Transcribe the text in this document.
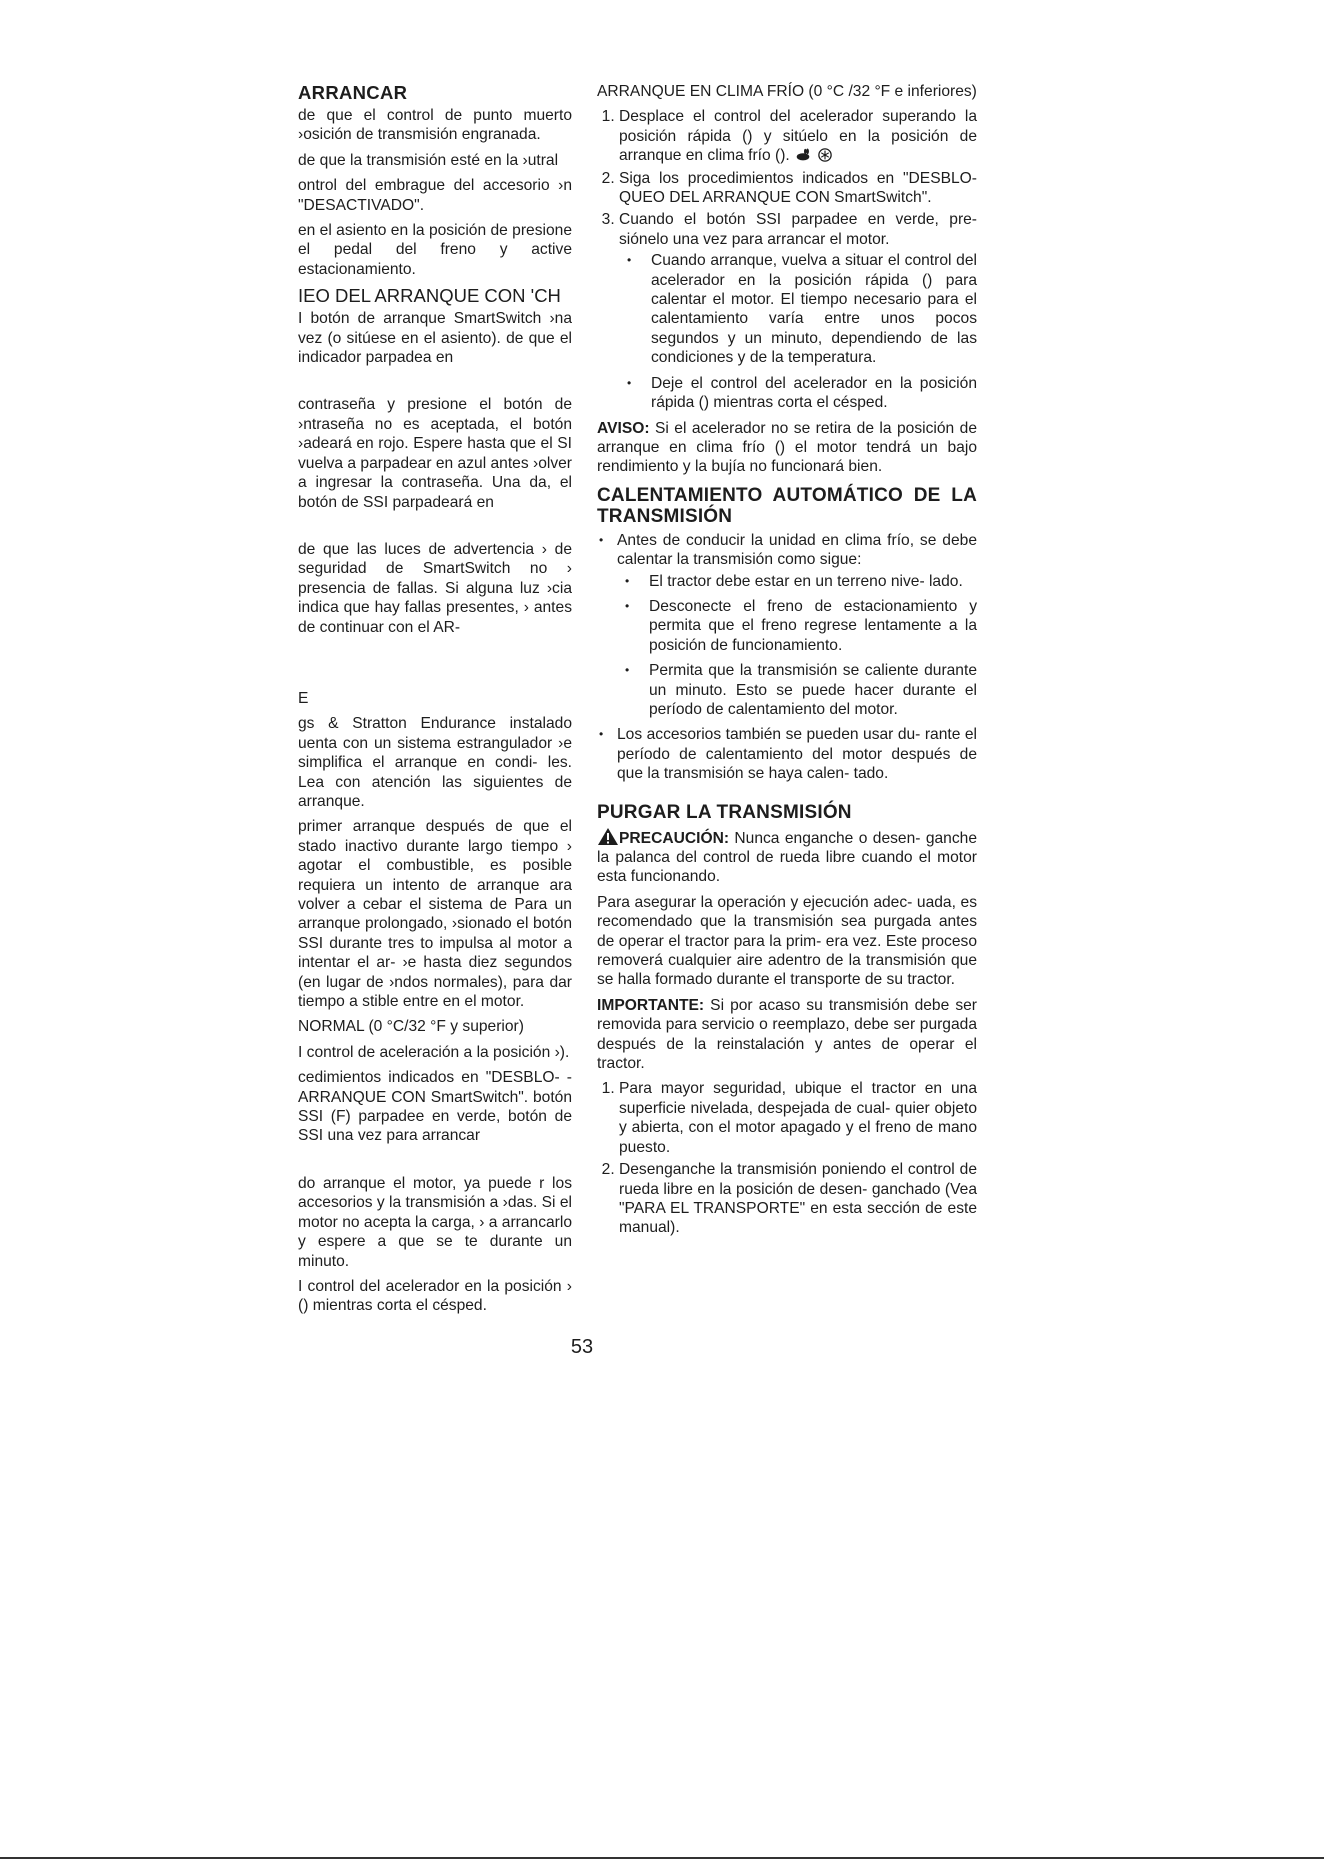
ARRANCAR

de que el control de punto muerto ›osición de transmisión engranada.

de que la transmisión esté en la ›utral

ontrol del embrague del accesorio ›n "DESACTIVADO".

en el asiento en la posición de presione el pedal del freno y active estacionamiento.

IEO DEL ARRANQUE CON 'CH

I botón de arranque SmartSwitch ›na vez (o sitúese en el asiento). de que el indicador parpadea en

contraseña y presione el botón de ›ntraseña no es aceptada, el botón ›adeará en rojo. Espere hasta que el SI vuelva a parpadear en azul antes ›olver a ingresar la contraseña. Una da, el botón de SSI parpadeará en

de que las luces de advertencia › de seguridad de SmartSwitch no › presencia de fallas. Si alguna luz ›cia indica que hay fallas presentes, › antes de continuar con el AR-

E

gs & Stratton Endurance instalado uenta con un sistema estrangulador ›e simplifica el arranque en condi- les. Lea con atención las siguientes de arranque.

primer arranque después de que el stado inactivo durante largo tiempo › agotar el combustible, es posible requiera un intento de arranque ara volver a cebar el sistema de Para un arranque prolongado, ›sionado el botón SSI durante tres to impulsa al motor a intentar el ar- ›e hasta diez segundos (en lugar de ›ndos normales), para dar tiempo a stible entre en el motor.

NORMAL (0 °C/32 °F y superior)

I control de aceleración a la posición ›).

cedimientos indicados en "DESBLO- - ARRANQUE CON SmartSwitch". botón SSI (F) parpadee en verde, botón de SSI una vez para arrancar

do arranque el motor, ya puede r los accesorios y la transmisión a ›das. Si el motor no acepta la carga, › a arrancarlo y espere a que se te durante un minuto.

I control del acelerador en la posición › () mientras corta el césped.

ARRANQUE EN CLIMA FRÍO (0 °C /32 °F e inferiores)

1. Desplace el control del acelerador superando la posición rápida () y sitúelo en la posición de arranque en clima frío ().
2. Siga los procedimientos indicados en "DESBLO- QUEO DEL ARRANQUE CON SmartSwitch".
3. Cuando el botón SSI parpadee en verde, pre- siónelo una vez para arrancar el motor.
• Cuando arranque, vuelva a situar el control del acelerador en la posición rápida () para calentar el motor. El tiempo necesario para el calentamiento varía entre unos pocos segundos y un minuto, dependiendo de las condiciones y de la temperatura.
• Deje el control del acelerador en la posición rápida () mientras corta el césped.

AVISO: Si el acelerador no se retira de la posición de arranque en clima frío () el motor tendrá un bajo rendimiento y la bujía no funcionará bien.

CALENTAMIENTO AUTOMÁTICO DE LA TRANSMISIÓN
• Antes de conducir la unidad en clima frío, se debe calentar la transmisión como sigue:
• El tractor debe estar en un terreno nive- lado.
• Desconecte el freno de estacionamiento y permita que el freno regrese lentamente a la posición de funcionamiento.
• Permita que la transmisión se caliente durante un minuto. Esto se puede hacer durante el período de calentamiento del motor.
• Los accesorios también se pueden usar du- rante el período de calentamiento del motor después de que la transmisión se haya calen- tado.
PURGAR LA TRANSMISIÓN

PRECAUCIÓN: Nunca enganche o desen- ganche la palanca del control de rueda libre cuando el motor esta funcionando.

Para asegurar la operación y ejecución adec- uada, es recomendado que la transmisión sea purgada antes de operar el tractor para la prim- era vez. Este proceso removerá cualquier aire adentro de la transmisión que se halla formado durante el transporte de su tractor.

IMPORTANTE: Si por acaso su transmisión debe ser removida para servicio o reemplazo, debe ser purgada después de la reinstalación y antes de operar el tractor.

1. Para mayor seguridad, ubique el tractor en una superficie nivelada, despejada de cual- quier objeto y abierta, con el motor apagado y el freno de mano puesto.
2. Desenganche la transmisión poniendo el control de rueda libre en la posición de desen- ganchado (Vea "PARA EL TRANSPORTE" en esta sección de este manual).
53
